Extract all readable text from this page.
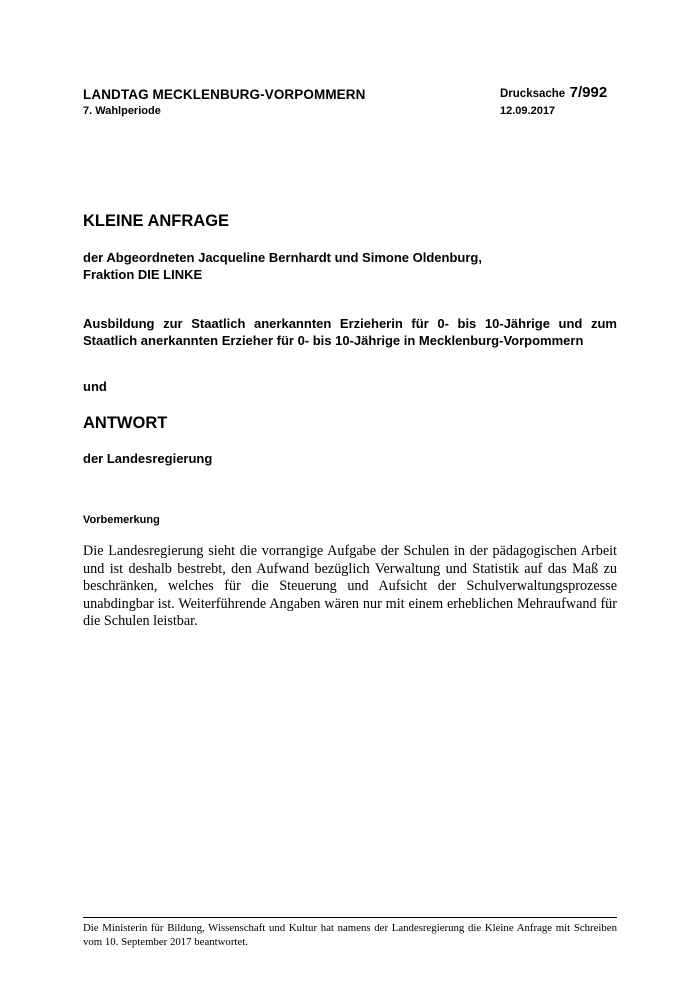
LANDTAG MECKLENBURG-VORPOMMERN
7. Wahlperiode
Drucksache 7/992
12.09.2017
KLEINE ANFRAGE
der Abgeordneten Jacqueline Bernhardt und Simone Oldenburg,
Fraktion DIE LINKE
Ausbildung zur Staatlich anerkannten Erzieherin für 0- bis 10-Jährige und zum Staatlich anerkannten Erzieher für 0- bis 10-Jährige in Mecklenburg-Vorpommern
und
ANTWORT
der Landesregierung
Vorbemerkung
Die Landesregierung sieht die vorrangige Aufgabe der Schulen in der pädagogischen Arbeit und ist deshalb bestrebt, den Aufwand bezüglich Verwaltung und Statistik auf das Maß zu beschränken, welches für die Steuerung und Aufsicht der Schulverwaltungsprozesse unabdingbar ist. Weiterführende Angaben wären nur mit einem erheblichen Mehraufwand für die Schulen leistbar.
Die Ministerin für Bildung, Wissenschaft und Kultur hat namens der Landesregierung die Kleine Anfrage mit Schreiben vom 10. September 2017 beantwortet.
